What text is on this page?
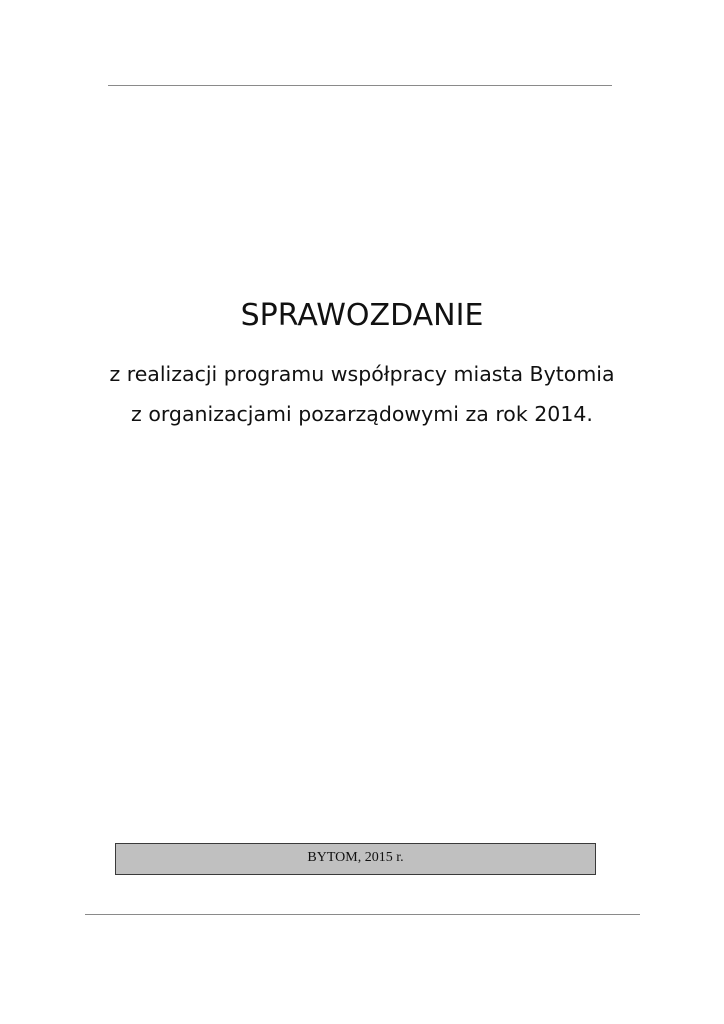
SPRAWOZDANIE

z realizacji programu współpracy miasta Bytomia

z organizacjami pozarządowymi za rok 2014.

BYTOM, 2015 r.
